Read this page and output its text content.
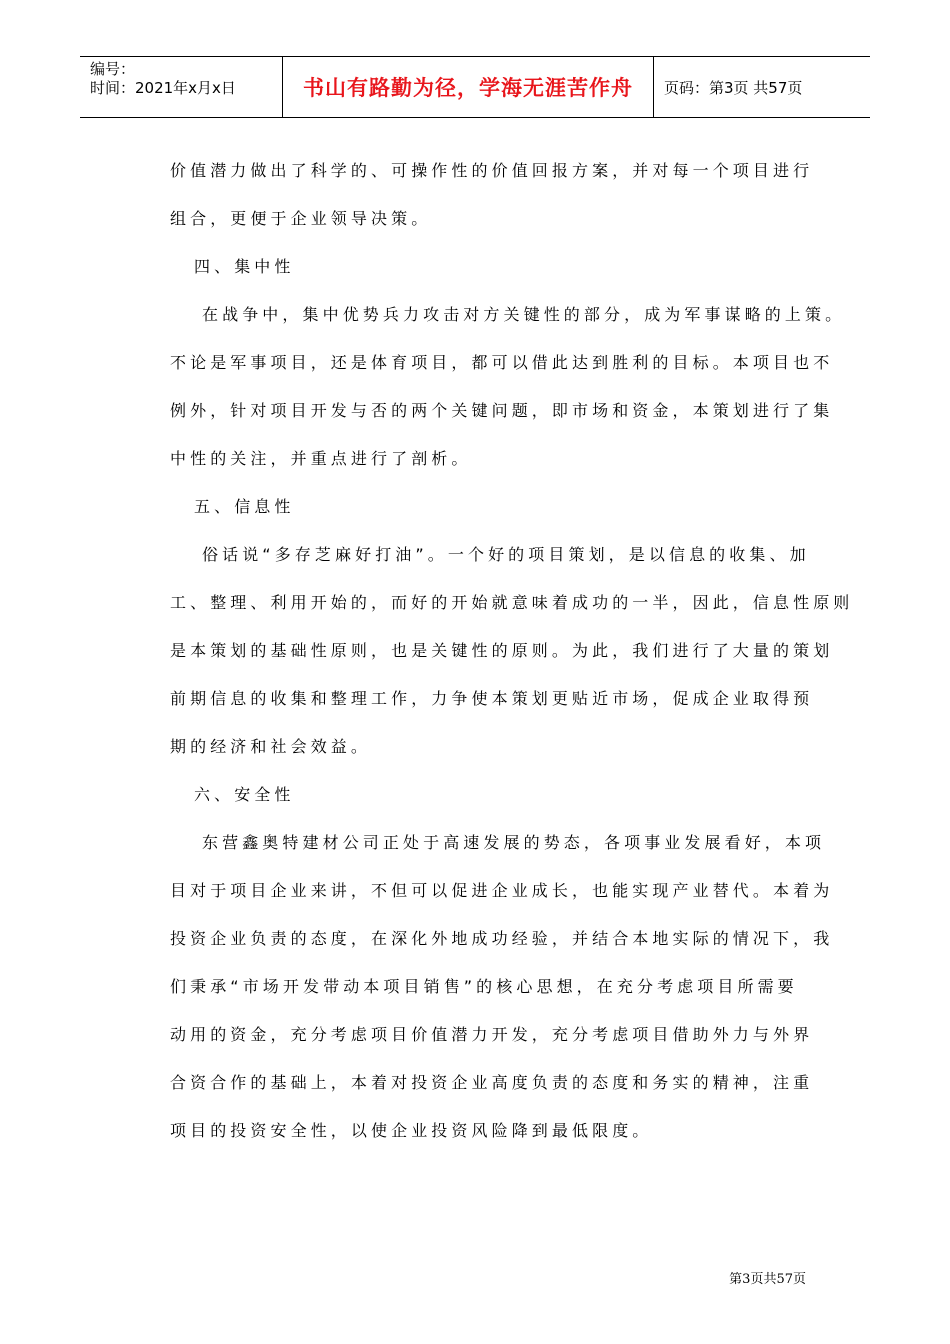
编号：
时间：2021年x月x日	书山有路勤为径，学海无涯苦作舟	页码：第3页 共57页
价值潜力做出了科学的、可操作性的价值回报方案，并对每一个项目进行
组合，更便于企业领导决策。
四、集中性
在战争中，集中优势兵力攻击对方关键性的部分，成为军事谋略的上策。
不论是军事项目，还是体育项目，都可以借此达到胜利的目标。本项目也不
例外，针对项目开发与否的两个关键问题，即市场和资金，本策划进行了集
中性的关注，并重点进行了剖析。
五、信息性
俗话说“多存芝麻好打油”。一个好的项目策划，是以信息的收集、加
工、整理、利用开始的，而好的开始就意味着成功的一半，因此，信息性原则
是本策划的基础性原则，也是关键性的原则。为此，我们进行了大量的策划
前期信息的收集和整理工作，力争使本策划更贴近市场，促成企业取得预
期的经济和社会效益。
六、安全性
东营鑫奥特建材公司正处于高速发展的势态，各项事业发展看好，本项
目对于项目企业来讲，不但可以促进企业成长，也能实现产业替代。本着为
投资企业负责的态度，在深化外地成功经验，并结合本地实际的情况下，我
们秉承“市场开发带动本项目销售”的核心思想，在充分考虑项目所需要
动用的资金，充分考虑项目价值潜力开发，充分考虑项目借助外力与外界
合资合作的基础上，本着对投资企业高度负责的态度和务实的精神，注重
项目的投资安全性，以使企业投资风险降到最低限度。
第3页共57页
